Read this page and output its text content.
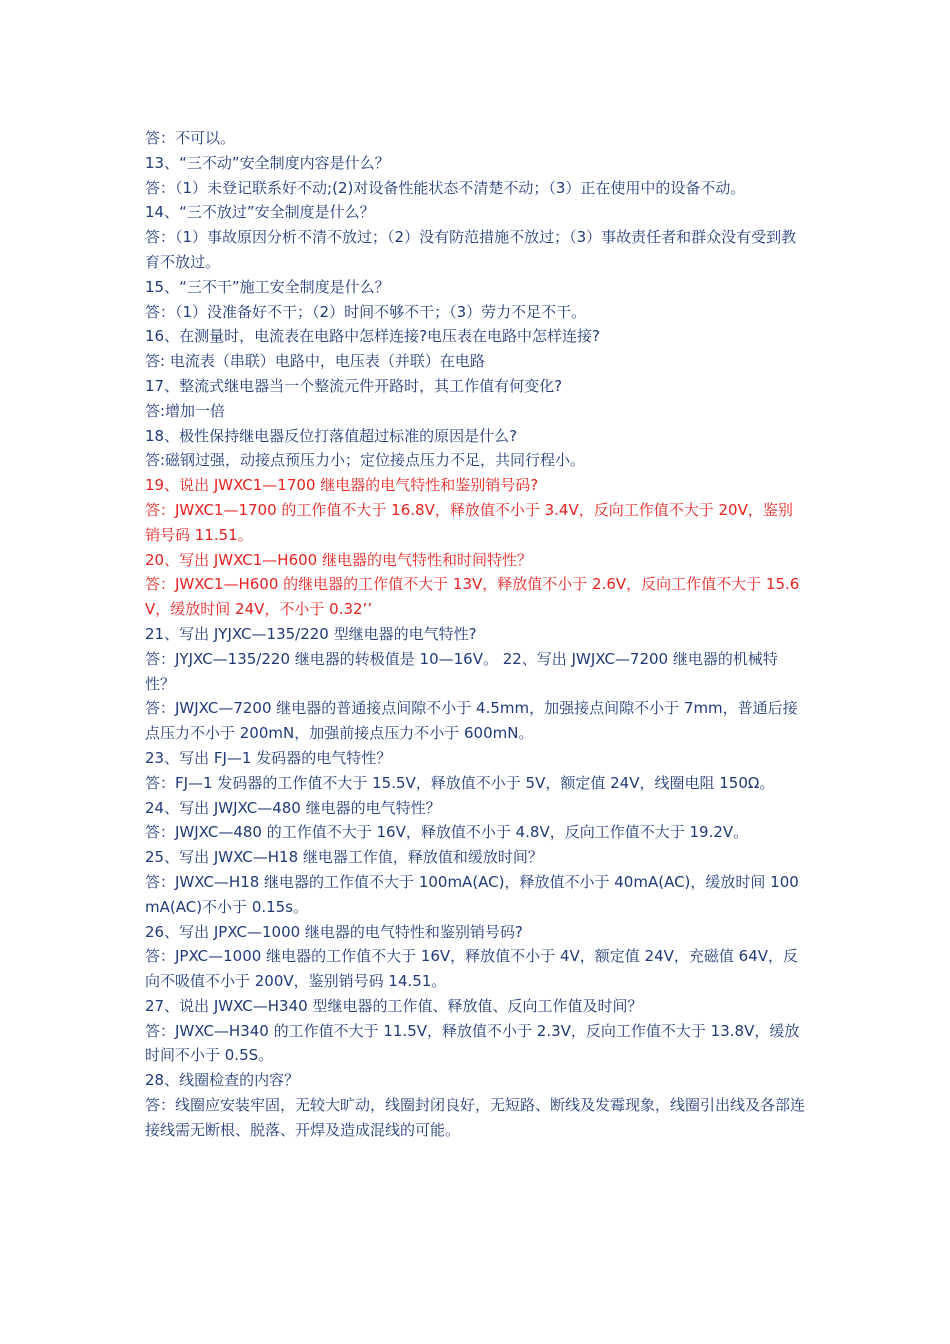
答：不可以。

13、“三不动”安全制度内容是什么？

答：（1）未登记联系好不动;(2)对设备性能状态不清楚不动；（3）正在使用中的设备不动。

14、“三不放过”安全制度是什么？

答：（1）事故原因分析不清不放过；（2）没有防范措施不放过；（3）事故责任者和群众没有受到教育不放过。

15、“三不干”施工安全制度是什么？

答：（1）没准备好不干；（2）时间不够不干；（3）劳力不足不干。

16、在测量时，电流表在电路中怎样连接?电压表在电路中怎样连接?

答: 电流表（串联）电路中，电压表（并联）在电路

17、整流式继电器当一个整流元件开路时，其工作值有何变化?

答:增加一倍

18、极性保持继电器反位打落值超过标准的原因是什么?

答:磁钢过强，动接点预压力小；定位接点压力不足，共同行程小。

19、说出 JWXC1—1700 继电器的电气特性和鉴别销号码?

答：JWXC1—1700 的工作值不大于 16.8V，释放值不小于 3.4V，反向工作值不大于 20V，鉴别销号码 11.51。

20、写出 JWXC1—H600 继电器的电气特性和时间特性？

答：JWXC1—H600 的继电器的工作值不大于 13V，释放值不小于 2.6V，反向工作值不大于 15.6V，缓放时间 24V，不小于 0.32’’

21、写出 JYJXC—135/220 型继电器的电气特性?

答：JYJXC—135/220 继电器的转极值是 10—16V。 22、写出 JWJXC—7200 继电器的机械特性？

答：JWJXC—7200 继电器的普通接点间隙不小于 4.5mm，加强接点间隙不小于 7mm，普通后接点压力不小于 200mN，加强前接点压力不小于 600mN。

23、写出 FJ—1 发码器的电气特性？

答：FJ—1 发码器的工作值不大于 15.5V，释放值不小于 5V，额定值 24V，线圈电阻 150Ω。

24、写出 JWJXC—480 继电器的电气特性？

答：JWJXC—480 的工作值不大于 16V，释放值不小于 4.8V，反向工作值不大于 19.2V。

25、写出 JWXC—H18 继电器工作值，释放值和缓放时间？

答：JWXC—H18 继电器的工作值不大于 100mA(AC)，释放值不小于 40mA(AC)，缓放时间 100mA(AC)不小于 0.15s。

26、写出 JPXC—1000 继电器的电气特性和鉴别销号码?

答：JPXC—1000 继电器的工作值不大于 16V，释放值不小于 4V，额定值 24V，充磁值 64V，反向不吸值不小于 200V，鉴别销号码 14.51。

27、说出 JWXC—H340 型继电器的工作值、释放值、反向工作值及时间？

答：JWXC—H340 的工作值不大于 11.5V，释放值不小于 2.3V，反向工作值不大于 13.8V，缓放时间不小于 0.5S。

28、线圈检查的内容？

答：线圈应安装牢固，无较大旷动，线圈封闭良好，无短路、断线及发霉现象，线圈引出线及各部连接线需无断根、脱落、开焊及造成混线的可能。
